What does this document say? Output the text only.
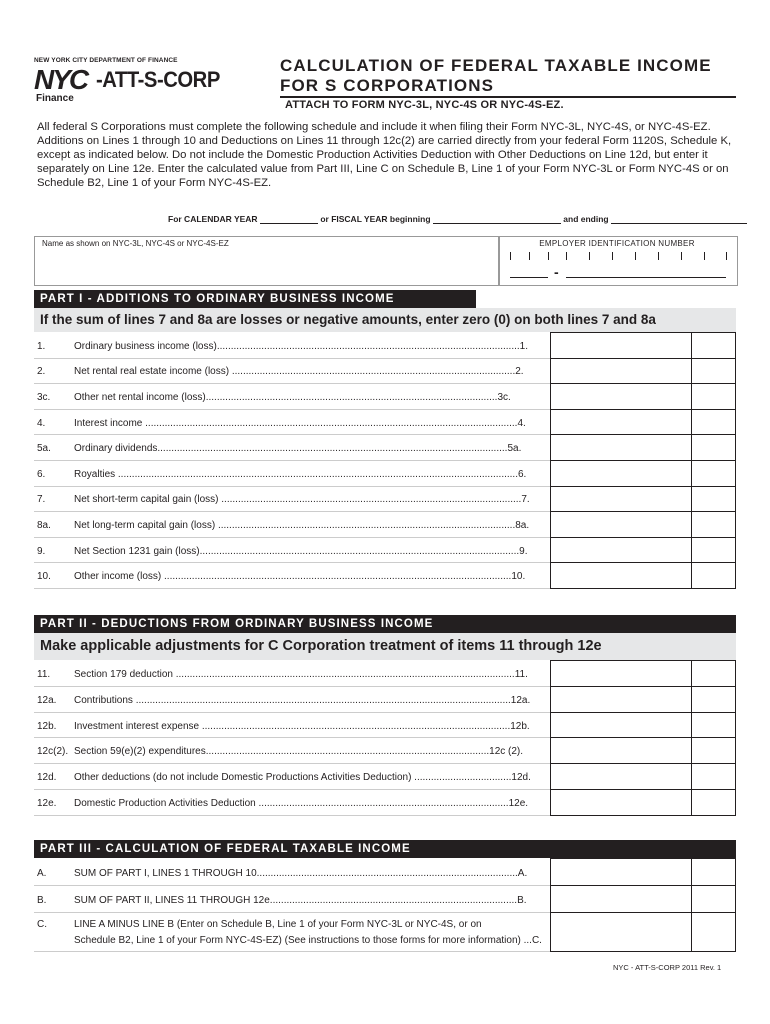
NEW YORK CITY DEPARTMENT OF FINANCE
NYC -ATT-S-CORP
Finance
CALCULATION OF FEDERAL TAXABLE INCOME
FOR S CORPORATIONS
ATTACH TO FORM NYC-3L, NYC-4S OR NYC-4S-EZ.
All federal S Corporations must complete the following schedule and include it when filing their Form NYC-3L, NYC-4S, or NYC-4S-EZ. Additions on Lines 1 through 10 and Deductions on Lines 11 through 12c(2) are carried directly from your federal Form 1120S, Schedule K, except as indicated below. Do not include the Domestic Production Activities Deduction with Other Deductions on Line 12d, but enter it separately on Line 12e. Enter the calculated value from Part III, Line C on Schedule B, Line 1 of your Form NYC-3L or Form NYC-4S or on Schedule B2, Line 1 of your Form NYC-4S-EZ.
For CALENDAR YEAR	or FISCAL YEAR beginning	and ending
Name as shown on NYC-3L, NYC-4S or NYC-4S-EZ	EMPLOYER IDENTIFICATION NUMBER
-
PART I - ADDITIONS TO ORDINARY BUSINESS INCOME
If the sum of lines 7 and 8a are losses or negative amounts, enter zero (0) on both lines 7 and 8a
1.	Ordinary business income (loss).............................................................................................................1.
2.	Net rental real estate income (loss) ......................................................................................................2.
3c. Other net rental income (loss).........................................................................................................3c.
4.	Interest income ......................................................................................................................................4.
5a. Ordinary dividends..............................................................................................................................5a.
6.	Royalties ................................................................................................................................................6.
7.	Net short-term capital gain (loss) ............................................................................................................7.
8a. Net long-term capital gain (loss) ...........................................................................................................8a.
9.	Net Section 1231 gain (loss)...................................................................................................................9.
10. Other income (loss) .............................................................................................................................10.
PART II - DEDUCTIONS FROM ORDINARY BUSINESS INCOME
Make applicable adjustments for C Corporation treatment of items 11 through 12e
11. Section 179 deduction ..........................................................................................................................11.
12a. Contributions .......................................................................................................................................12a.
12b. Investment interest expense ...............................................................................................................12b.
12c(2). Section 59(e)(2) expenditures......................................................................................................12c (2).
12d. Other deductions (do not include Domestic Productions Activities Deduction) ...................................12d.
12e. Domestic Production Activities Deduction ..........................................................................................12e.
PART III - CALCULATION OF FEDERAL TAXABLE INCOME
A.	SUM OF PART I, LINES 1 THROUGH 10..............................................................................................A.
B.	SUM OF PART II, LINES 11 THROUGH 12e.........................................................................................B.
C.	LINE A MINUS LINE B (Enter on Schedule B, Line 1 of your Form NYC-3L or NYC-4S, or on
Schedule B2, Line 1 of your Form NYC-4S-EZ) (See instructions to those forms for more information) ...C.
NYC - ATT-S-CORP 2011 Rev. 1
